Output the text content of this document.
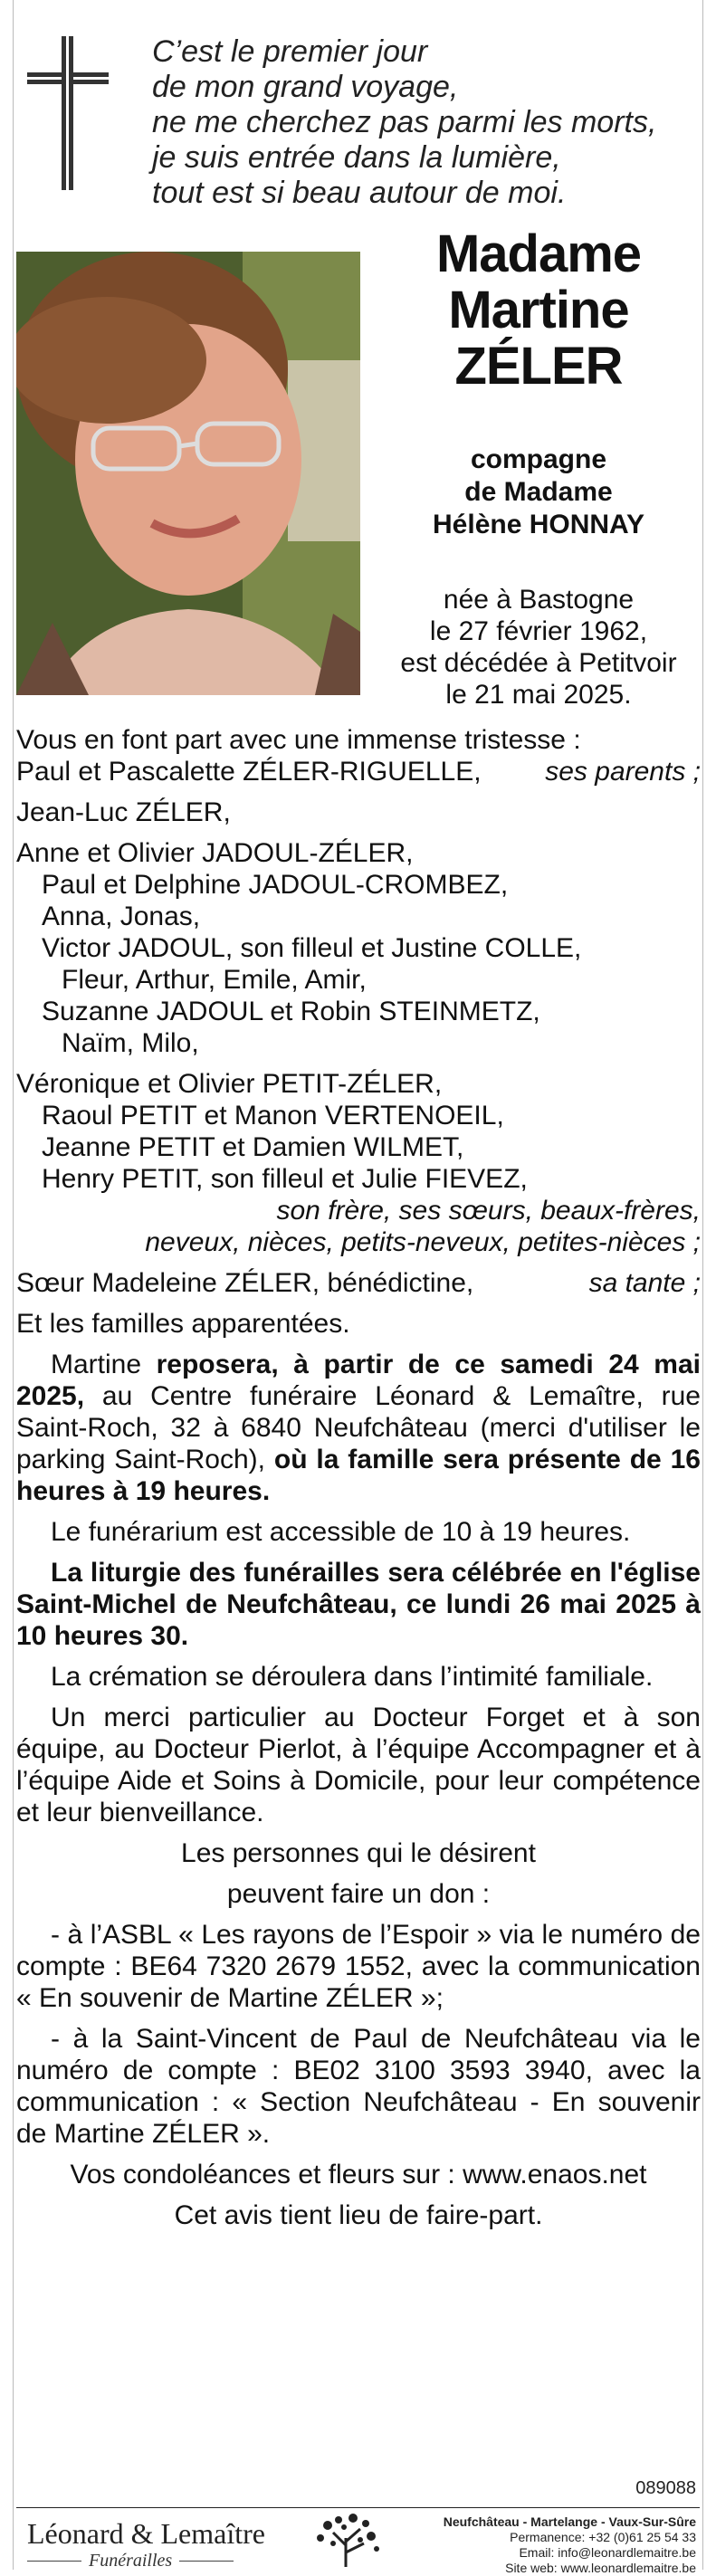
C’est le premier jour
de mon grand voyage,
ne me cherchez pas parmi les morts,
je suis entrée dans la lumière,
tout est si beau autour de moi.
Madame
Martine
ZÉLER
compagne
de Madame
Hélène HONNAY
née à Bastogne
le 27 février 1962,
est décédée à Petitvoir
le 21 mai 2025.
Vous en font part avec une immense tristesse :
Paul et Pascalette ZÉLER-RIGUELLE, ses parents ;
Jean-Luc ZÉLER,
Anne et Olivier JADOUL-ZÉLER,
Paul et Delphine JADOUL-CROMBEZ,
Anna, Jonas,
Victor JADOUL, son filleul et Justine COLLE,
Fleur, Arthur, Emile, Amir,
Suzanne JADOUL et Robin STEINMETZ,
Naïm, Milo,
Véronique et Olivier PETIT-ZÉLER,
Raoul PETIT et Manon VERTENOEIL,
Jeanne PETIT et Damien WILMET,
Henry PETIT, son filleul et Julie FIEVEZ,
son frère, ses sœurs, beaux-frères,
neveux, nièces, petits-neveux, petites-nièces ;
Sœur Madeleine ZÉLER, bénédictine,	sa tante ;
Et les familles apparentées.
Martine reposera, à partir de ce samedi 24 mai 2025, au Centre funéraire Léonard & Lemaître, rue Saint-Roch, 32 à 6840 Neufchâteau (merci d'utiliser le parking Saint-Roch), où la famille sera présente de 16 heures à 19 heures.
Le funérarium est accessible de 10 à 19 heures.
La liturgie des funérailles sera célébrée en l'église Saint-Michel de Neufchâteau, ce lundi 26 mai 2025 à 10 heures 30.
La crémation se déroulera dans l’intimité familiale.
Un merci particulier au Docteur Forget et à son équipe, au Docteur Pierlot, à l’équipe Accompagner et à l’équipe Aide et Soins à Domicile, pour leur compétence et leur bienveillance.
Les personnes qui le désirent
peuvent faire un don :
- à l’ASBL « Les rayons de l’Espoir » via le numéro de compte : BE64 7320 2679 1552, avec la communication « En souvenir de Martine ZÉLER »;
- à la Saint-Vincent de Paul de Neufchâteau via le numéro de compte : BE02 3100 3593 3940, avec la communication : « Section Neufchâteau - En souvenir de Martine ZÉLER ».
Vos condoléances et fleurs sur : www.enaos.net
Cet avis tient lieu de faire-part.
089088
Léonard & Lemaître
Funérailles
Neufchâteau - Martelange - Vaux-Sur-Sûre
Permanence: +32 (0)61 25 54 33
Email: info@leonardlemaitre.be
Site web: www.leonardlemaitre.be
